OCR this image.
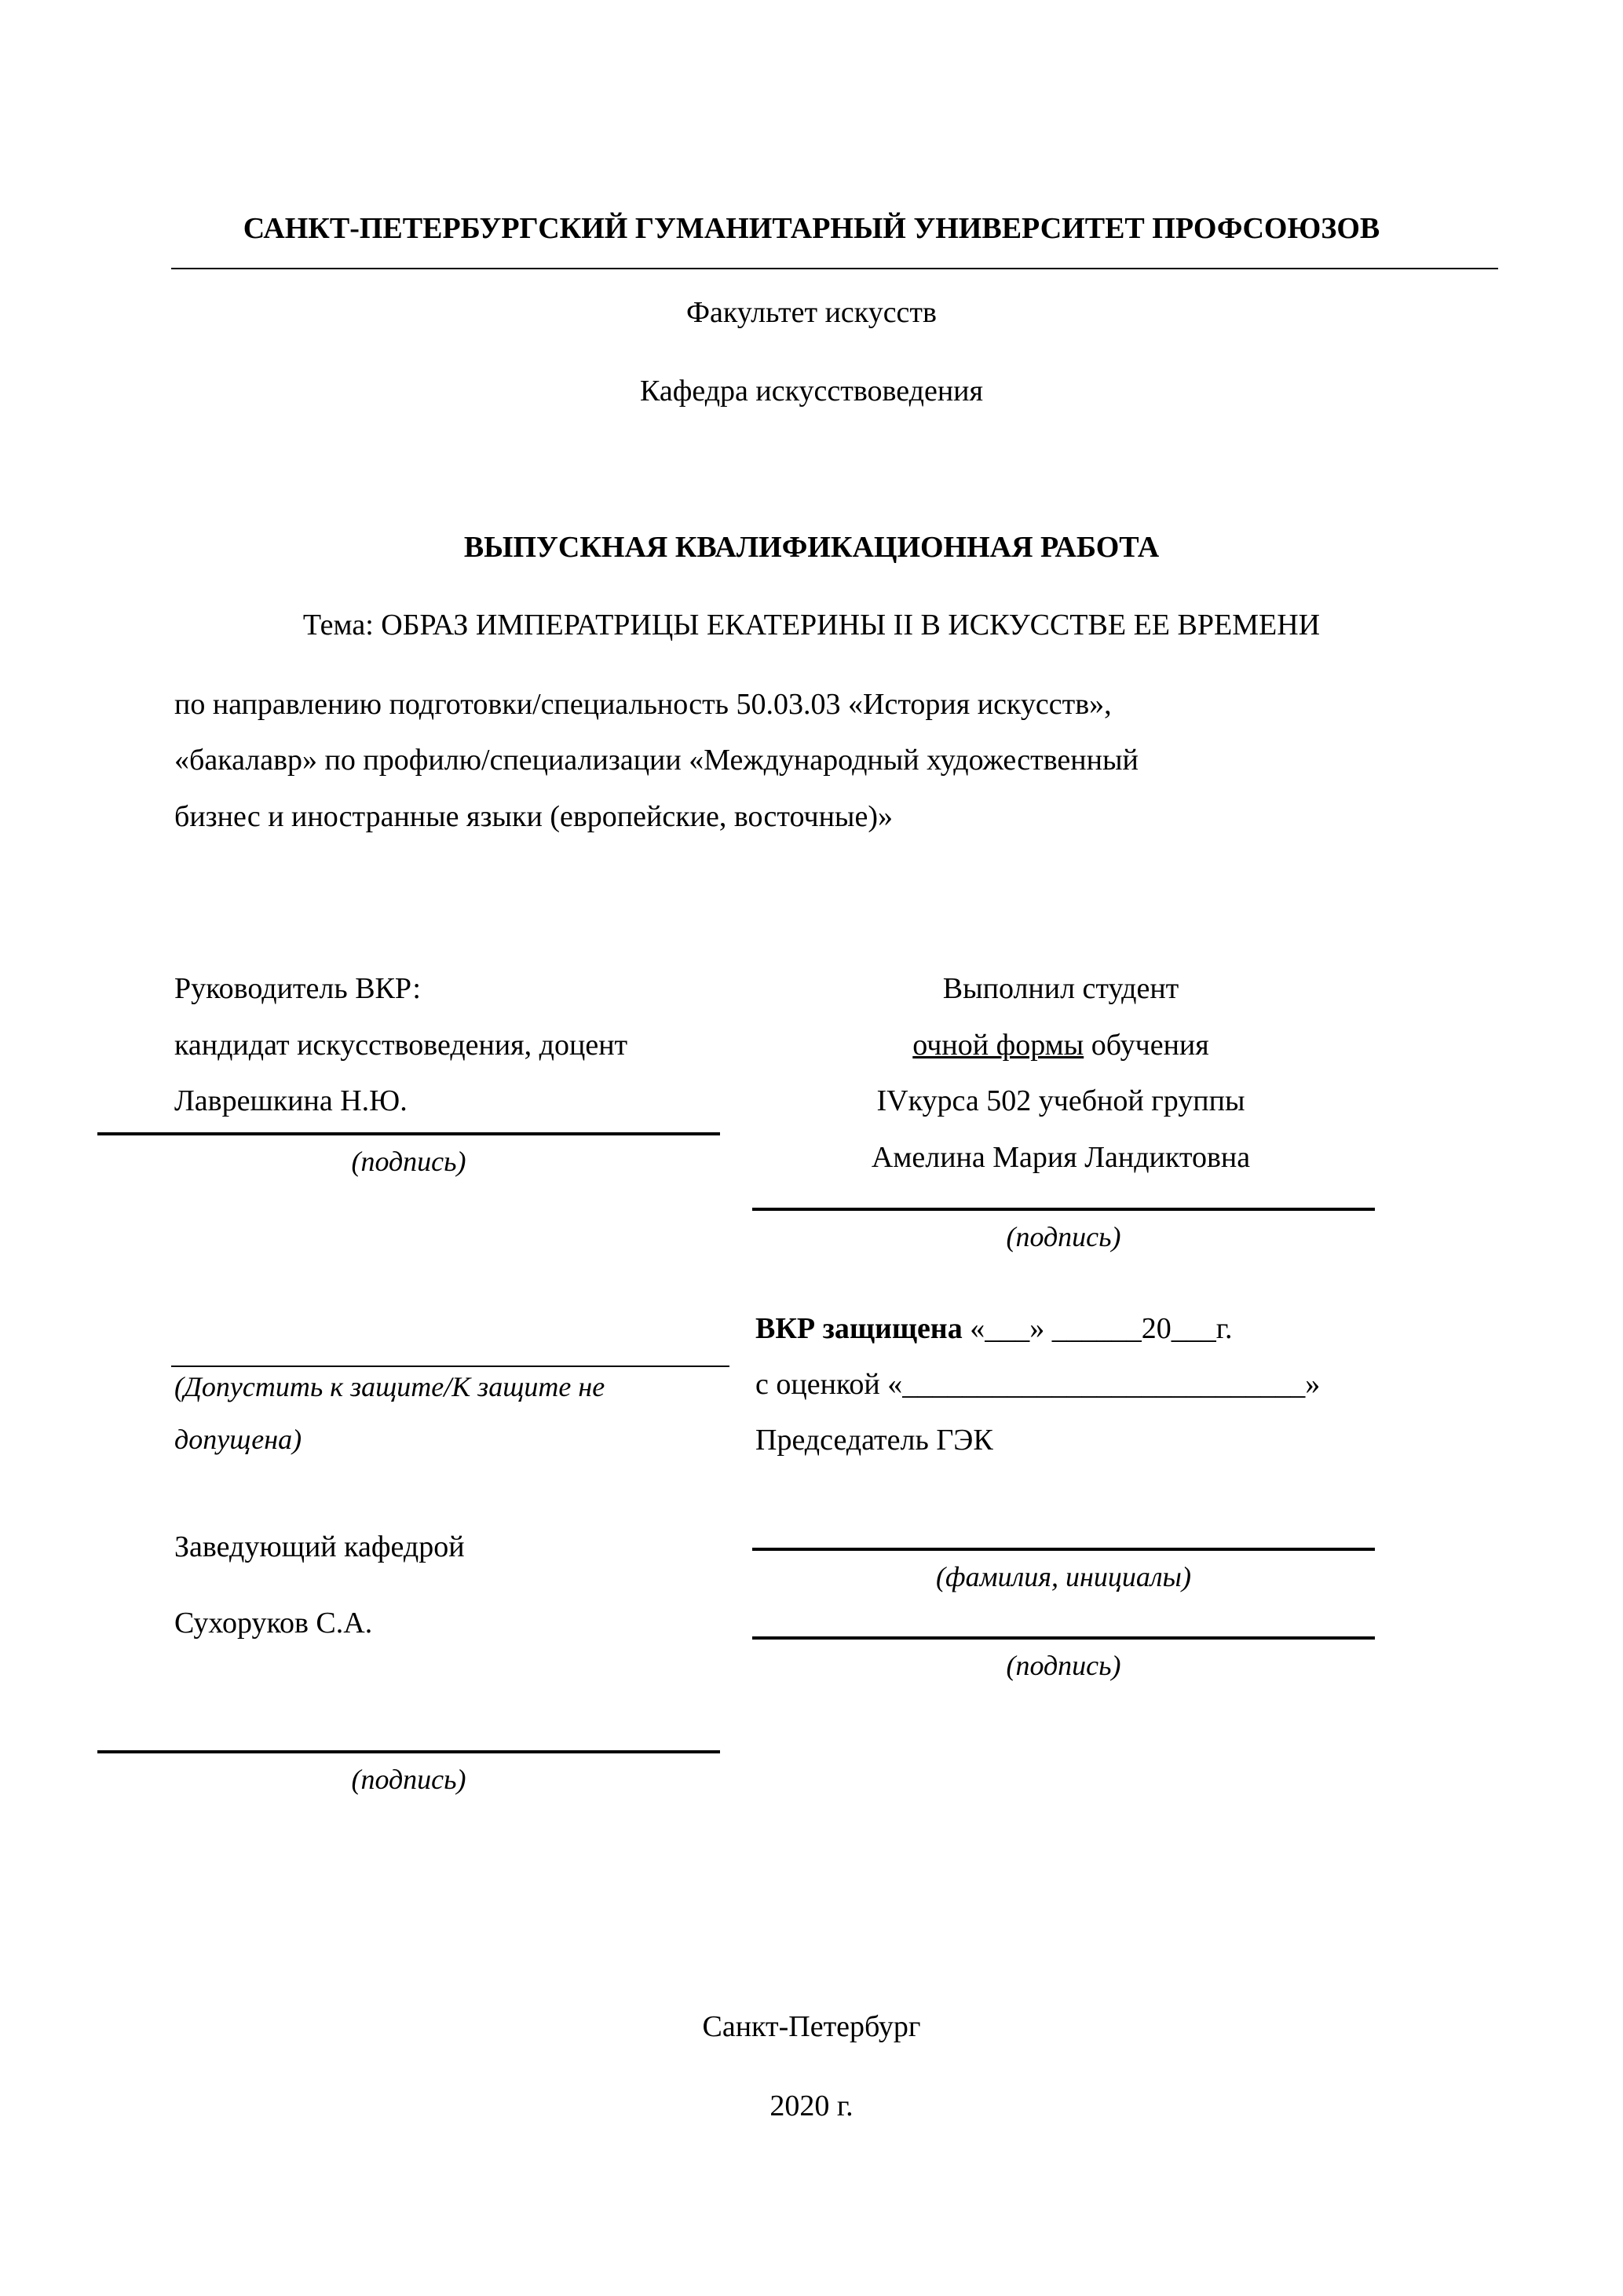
САНКТ-ПЕТЕРБУРГСКИЙ ГУМАНИТАРНЫЙ УНИВЕРСИТЕТ ПРОФСОЮЗОВ
Факультет искусств
Кафедра искусствоведения
ВЫПУСКНАЯ КВАЛИФИКАЦИОННАЯ РАБОТА
Тема: ОБРАЗ ИМПЕРАТРИЦЫ ЕКАТЕРИНЫ II В ИСКУССТВЕ ЕЕ ВРЕМЕНИ
по направлению подготовки/специальность 50.03.03 «История искусств»,
«бакалавр» по профилю/специализации «Международный художественный
бизнес и иностранные языки (европейские, восточные)»
Руководитель ВКР:
кандидат искусствоведения, доцент
Лаврешкина Н.Ю.
(подпись)
Выполнил студент
очной формы обучения
IVкурса 502 учебной группы
Амелина Мария Ландиктовна
(подпись)
(Допустить к защите/К защите не
допущена)
ВКР защищена «___» ______20___г.
с оценкой «___________________________»
Председатель ГЭК
(фамилия, инициалы)
(подпись)
Заведующий кафедрой
Сухоруков С.А.
(подпись)
Санкт-Петербург
2020 г.
